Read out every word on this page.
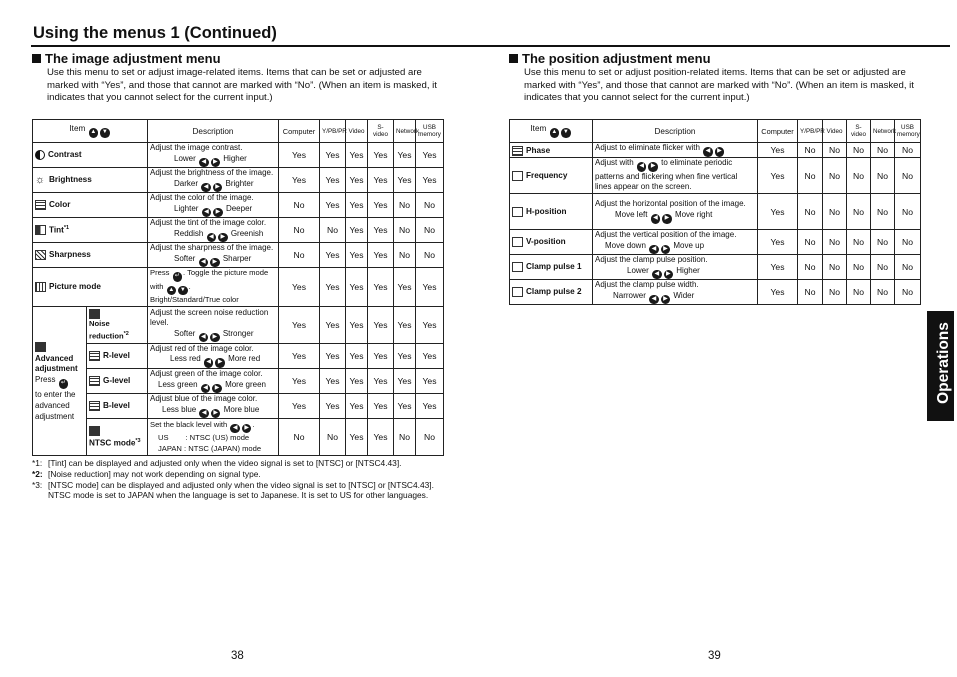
Using the menus 1 (Continued)
The image adjustment menu
Use this menu to set or adjust image-related items. Items that can be set or adjusted are marked with “Yes”, and those that cannot are marked with “No”. (When an item is masked, it indicates that you cannot select for the current input.)
Item ▲ ▼		Description	Computer	Y/PB/PR	Video	S-video	Network	USB memory
Contrast		Adjust the image contrast.
Lower ◀ ▶ Higher	Yes	Yes	Yes	Yes	Yes	Yes
☼ Brightness		Adjust the brightness of the image.
Darker ◀ ▶ Brighter	Yes	Yes	Yes	Yes	Yes	Yes
Color		Adjust the color of the image.
Lighter ◀ ▶ Deeper	No	Yes	Yes	Yes	No	No
Tint$^{*1}$		Adjust the tint of the image color.
Reddish ◀ ▶ Greenish	No	No	Yes	Yes	No	No
Sharpness		Adjust the sharpness of the image.
Softer ◀ ▶ Sharper	No	Yes	Yes	Yes	No	No
Picture mode		Press ↵ . Toggle the picture mode with ▲ ▼ .
Bright/Standard/True color	Yes	Yes	Yes	Yes	Yes	Yes

Advanced adjustment
Press ↵
to enter the advanced adjustment	Noise reduction$^{*2}$	Adjust the screen noise reduction level.
Softer ◀ ▶ Stronger	Yes	Yes	Yes	Yes	Yes	Yes
	R-level	Adjust red of the image color.
Less red ◀ ▶ More red	Yes	Yes	Yes	Yes	Yes	Yes
	G-level	Adjust green of the image color.
Less green ◀ ▶ More green	Yes	Yes	Yes	Yes	Yes	Yes
	B-level	Adjust blue of the image color.
Less blue ◀ ▶ More blue	Yes	Yes	Yes	Yes	Yes	Yes
	NTSC mode$^{*3}$	Set the black level with ◀ ▶ .
US        : NTSC (US) mode
JAPAN : NTSC (JAPAN) mode	No	No	Yes	Yes	No	No
*1: [Tint] can be displayed and adjusted only when the video signal is set to [NTSC] or [NTSC4.43].
*2: [Noise reduction] may not work depending on signal type.
*3: [NTSC mode] can be displayed and adjusted only when the video signal is set to [NTSC] or [NTSC4.43]. NTSC mode is set to JAPAN when the language is set to Japanese. It is set to US for other languages.
38
The position adjustment menu
Use this menu to set or adjust position-related items. Items that can be set or adjusted are marked with “Yes”, and those that cannot are marked with “No”. (When an item is masked, it indicates that you cannot select for the current input.)
Item ▲ ▼	Description	Computer	Y/PB/PR	Video	S-video	Network	USB memory
Phase	Adjust to eliminate flicker with ◀ ▶	Yes	No	No	No	No	No
Frequency	Adjust with ◀ ▶ to eliminate periodic patterns and flickering when fine vertical lines appear on the screen.	Yes	No	No	No	No	No
H-position	Adjust the horizontal position of the image.
Move left ◀ ▶ Move right	Yes	No	No	No	No	No
V-position	Adjust the vertical position of the image.
Move down ◀ ▶ Move up	Yes	No	No	No	No	No
Clamp pulse 1	Adjust the clamp pulse position.
Lower ◀ ▶ Higher	Yes	No	No	No	No	No
Clamp pulse 2	Adjust the clamp pulse width.
Narrower ◀ ▶ Wider	Yes	No	No	No	No	No
39
Operations
